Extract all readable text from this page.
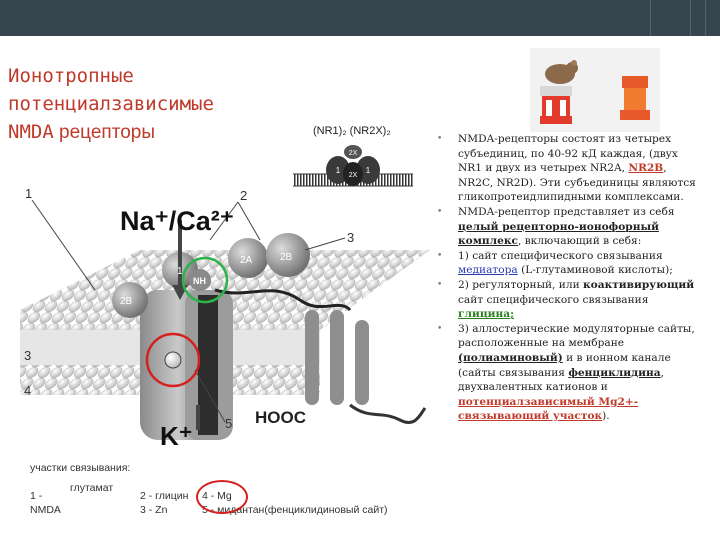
Ионотропные
потенциалзависимые
NMDA рецепторы	(NR1)₂ (NR2X)₂
2X
1	1
2X
Na⁺/Ca²⁺
K⁺
HOOC
NH
2B
2A
1
2B
1	2
3
3
4
5
участки связывания:
1 -
глутамат
NMDA
2 - глицин
3 - Zn
4 - Mg
5 - мидантан(фенциклидиновый сайт)
• NMDA-рецепторы состоят из четырех субъединиц, по 40-92 кД каждая, (двух NR1 и двух из четырех NR2A, NR2B, NR2C, NR2D). Эти субъединицы являются гликопротеидлипидными комплексами.
• NMDA-рецептор представляет из себя целый рецепторно-ионофорный комплекс, включающий в себя:
• 1) сайт специфического связывания медиатора (L-глутаминовой кислоты);
• 2) регуляторный, или коактивирующий сайт специфического связывания глицина;
• 3) аллостерические модуляторные сайты, расположенные на мембране (полиаминовый) и в ионном канале (сайты связывания фенциклидина, двухвалентных катионов и потенциалзависимый Mg2+-связывающий участок).
